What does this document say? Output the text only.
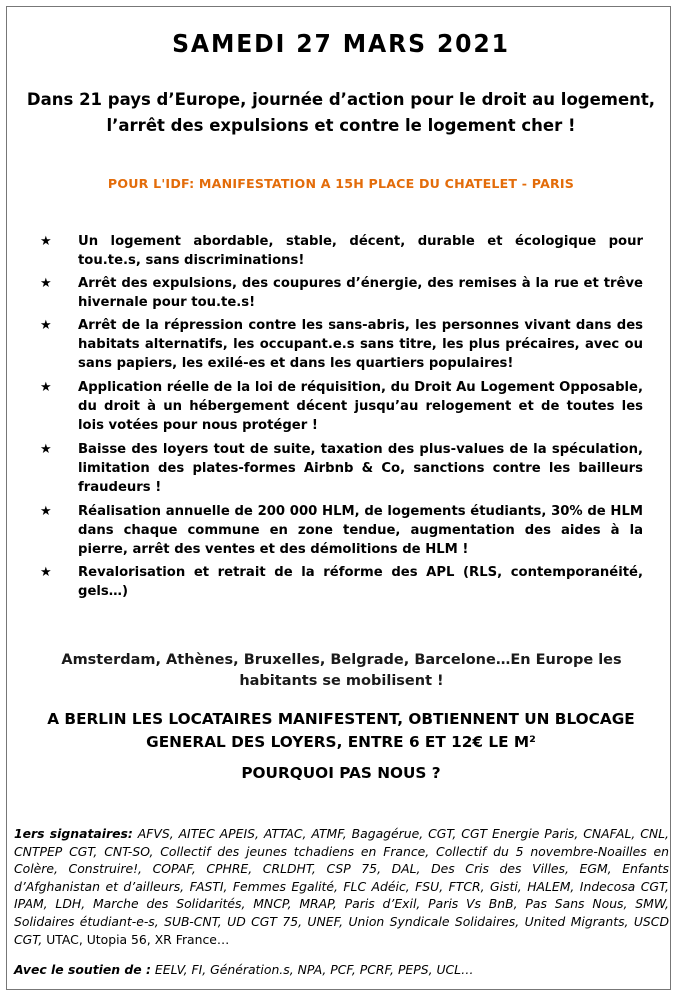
SAMEDI 27 MARS 2021
Dans 21 pays d’Europe, journée d’action pour le droit au logement, l’arrêt des expulsions et contre le logement cher !
POUR L'IDF: MANIFESTATION A 15H PLACE DU CHATELET - PARIS
★ Un logement abordable, stable, décent, durable et écologique pour tou.te.s, sans discriminations!
★ Arrêt des expulsions, des coupures d’énergie, des remises à la rue et trêve hivernale pour tou.te.s!
★ Arrêt de la répression contre les sans-abris, les personnes vivant dans des habitats alternatifs, les occupant.e.s sans titre, les plus précaires, avec ou sans papiers, les exilé-es et dans les quartiers populaires!
★ Application réelle de la loi de réquisition, du Droit Au Logement Opposable, du droit à un hébergement décent jusqu’au relogement et de toutes les lois votées pour nous protéger !
★ Baisse des loyers tout de suite, taxation des plus-values de la spéculation, limitation des plates-formes Airbnb & Co, sanctions contre les bailleurs fraudeurs !
★ Réalisation annuelle de 200 000 HLM, de logements étudiants, 30% de HLM dans chaque commune en zone tendue, augmentation des aides à la pierre, arrêt des ventes et des démolitions de HLM !
★ Revalorisation et retrait de la réforme des APL (RLS, contemporanéité, gels…)
Amsterdam, Athènes, Bruxelles, Belgrade, Barcelone…En Europe les habitants se mobilisent !
A BERLIN LES LOCATAIRES MANIFESTENT, OBTIENNENT UN BLOCAGE GENERAL DES LOYERS, ENTRE 6 ET 12€ LE M²
POURQUOI PAS NOUS ?
1ers signataires: AFVS, AITEC APEIS, ATTAC, ATMF, Bagagérue, CGT, CGT Energie Paris, CNAFAL, CNL, CNTPEP CGT, CNT-SO, Collectif des jeunes tchadiens en France, Collectif du 5 novembre-Noailles en Colère, Construire!, COPAF, CPHRE, CRLDHT, CSP 75, DAL, Des Cris des Villes, EGM, Enfants d’Afghanistan et d’ailleurs, FASTI, Femmes Egalité, FLC Adéic, FSU, FTCR, Gisti, HALEM, Indecosa CGT, IPAM, LDH, Marche des Solidarités, MNCP, MRAP, Paris d’Exil, Paris Vs BnB, Pas Sans Nous, SMW, Solidaires étudiant-e-s, SUB-CNT, UD CGT 75, UNEF, Union Syndicale Solidaires, United Migrants, USCD CGT, UTAC, Utopia 56, XR France…
Avec le soutien de : EELV, FI, Génération.s, NPA, PCF, PCRF, PEPS, UCL…
